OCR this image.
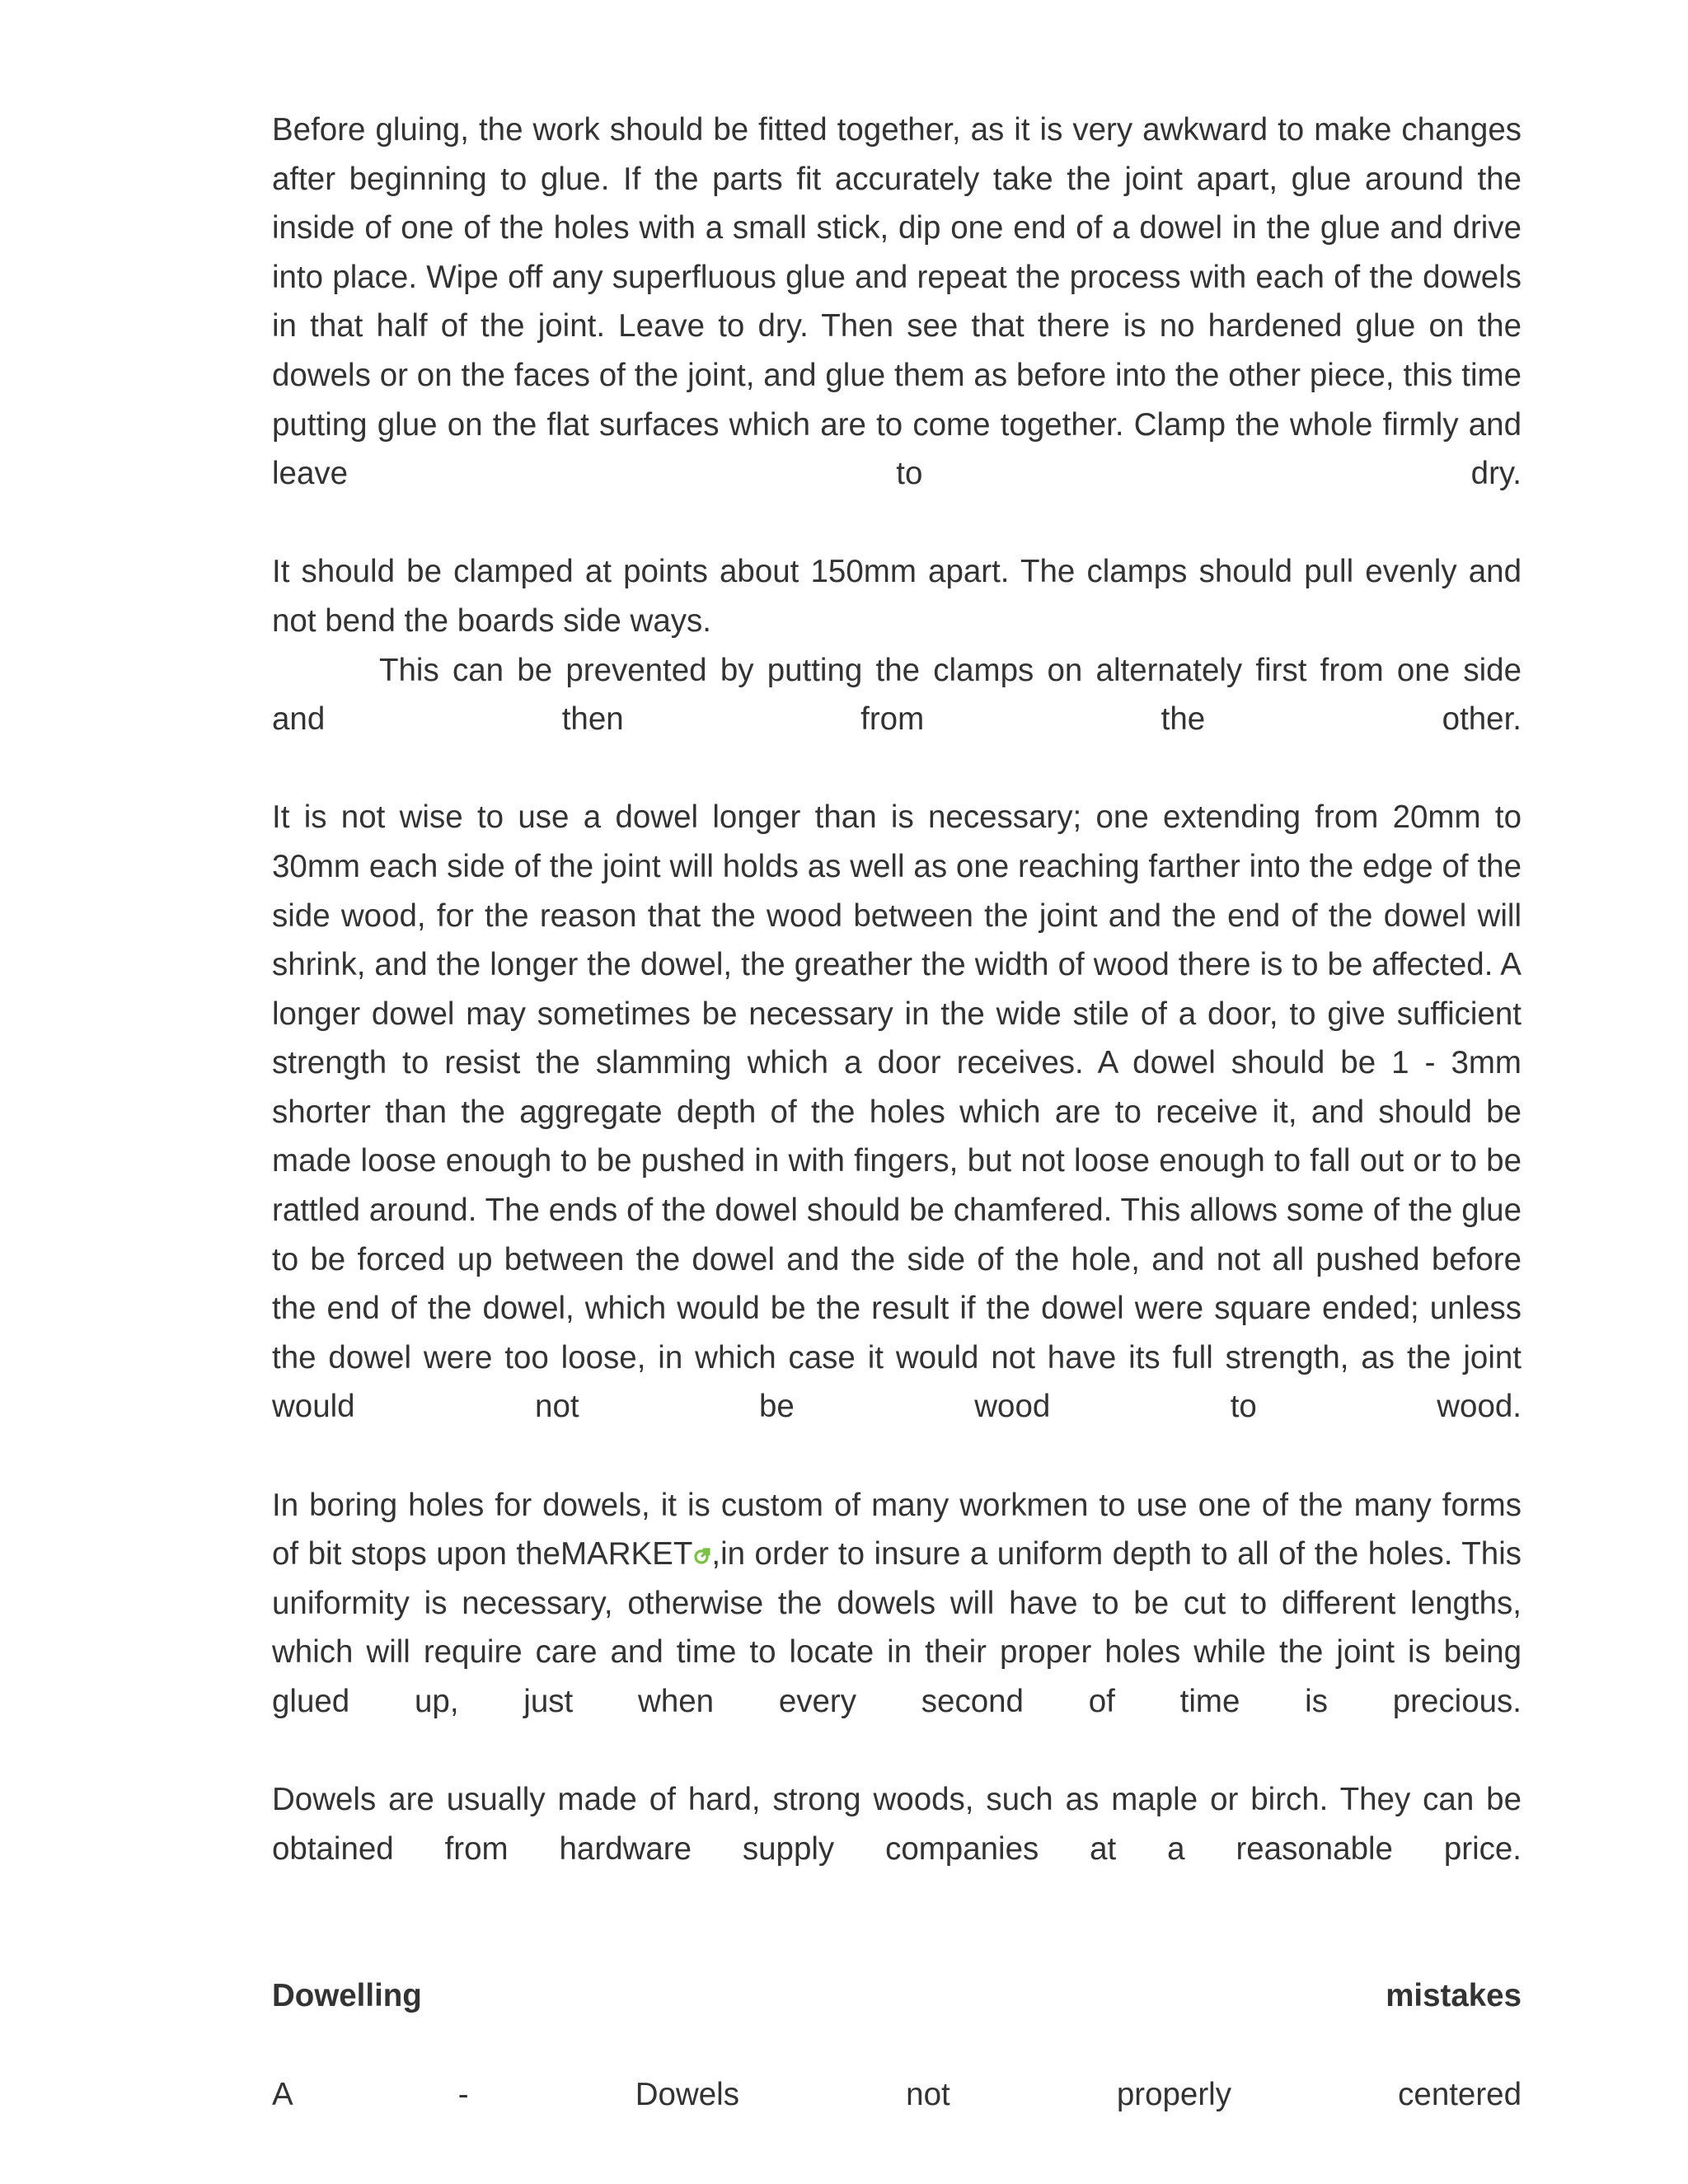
Before gluing, the work should be fitted together, as it is very awkward to make changes after beginning to glue. If the parts fit accurately take the joint apart, glue around the inside of one of the holes with a small stick, dip one end of a dowel in the glue and drive into place. Wipe off any superfluous glue and repeat the process with each of the dowels in that half of the joint. Leave to dry. Then see that there is no hardened glue on the dowels or on the faces of the joint, and glue them as before into the other piece, this time putting glue on the flat surfaces which are to come together. Clamp the whole firmly and leave to dry.

It should be clamped at points about 150mm apart. The clamps should pull evenly and not bend the boards side ways.

This can be prevented by putting the clamps on alternately first from one side and then from the other.

It is not wise to use a dowel longer than is necessary; one extending from 20mm to 30mm each side of the joint will holds as well as one reaching farther into the edge of the side wood, for the reason that the wood between the joint and the end of the dowel will shrink, and the longer the dowel, the greather the width of wood there is to be affected. A longer dowel may sometimes be necessary in the wide stile of a door, to give sufficient strength to resist the slamming which a door receives. A dowel should be 1 - 3mm shorter than the aggregate depth of the holes which are to receive it, and should be made loose enough to be pushed in with fingers, but not loose enough to fall out or to be rattled around. The ends of the dowel should be chamfered. This allows some of the glue to be forced up between the dowel and the side of the hole, and not all pushed before the end of the dowel, which would be the result if the dowel were square ended; unless the dowel were too loose, in which case it would not have its full strength, as the joint would not be wood to wood.

In boring holes for dowels, it is custom of many workmen to use one of the many forms of bit stops upon theMARKET ,in order to insure a uniform depth to all of the holes. This uniformity is necessary, otherwise the dowels will have to be cut to different lengths, which will require care and time to locate in their proper holes while the joint is being glued up, just when every second of time is precious.

Dowels are usually made of hard, strong woods, such as maple or birch. They can be obtained from hardware supply companies at a reasonable price.

Dowelling mistakes

A - Dowels not properly centered
